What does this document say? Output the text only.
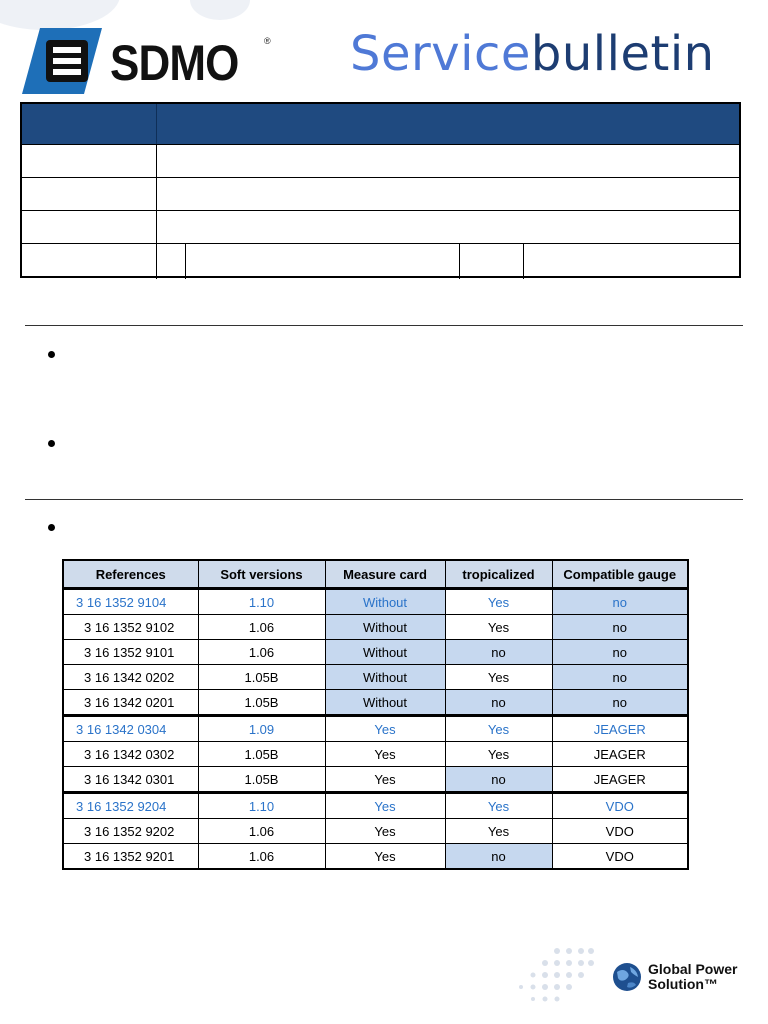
SDMO	® Servicebulletin
References	Soft versions	Measure card	tropicalized	Compatible gauge
3 16 1352 9104	1.10	Without	Yes	no
3 16 1352 9102	1.06	Without	Yes	no
3 16 1352 9101	1.06	Without	no	no
3 16 1342 0202	1.05B	Without	Yes	no
3 16 1342 0201	1.05B	Without	no	no
3 16 1342 0304	1.09	Yes	Yes	JEAGER
3 16 1342 0302	1.05B	Yes	Yes	JEAGER
3 16 1342 0301	1.05B	Yes	no	JEAGER
3 16 1352 9204	1.10	Yes	Yes	VDO
3 16 1352 9202	1.06	Yes	Yes	VDO
3 16 1352 9201	1.06	Yes	no	VDO
Global Power
Solution™
